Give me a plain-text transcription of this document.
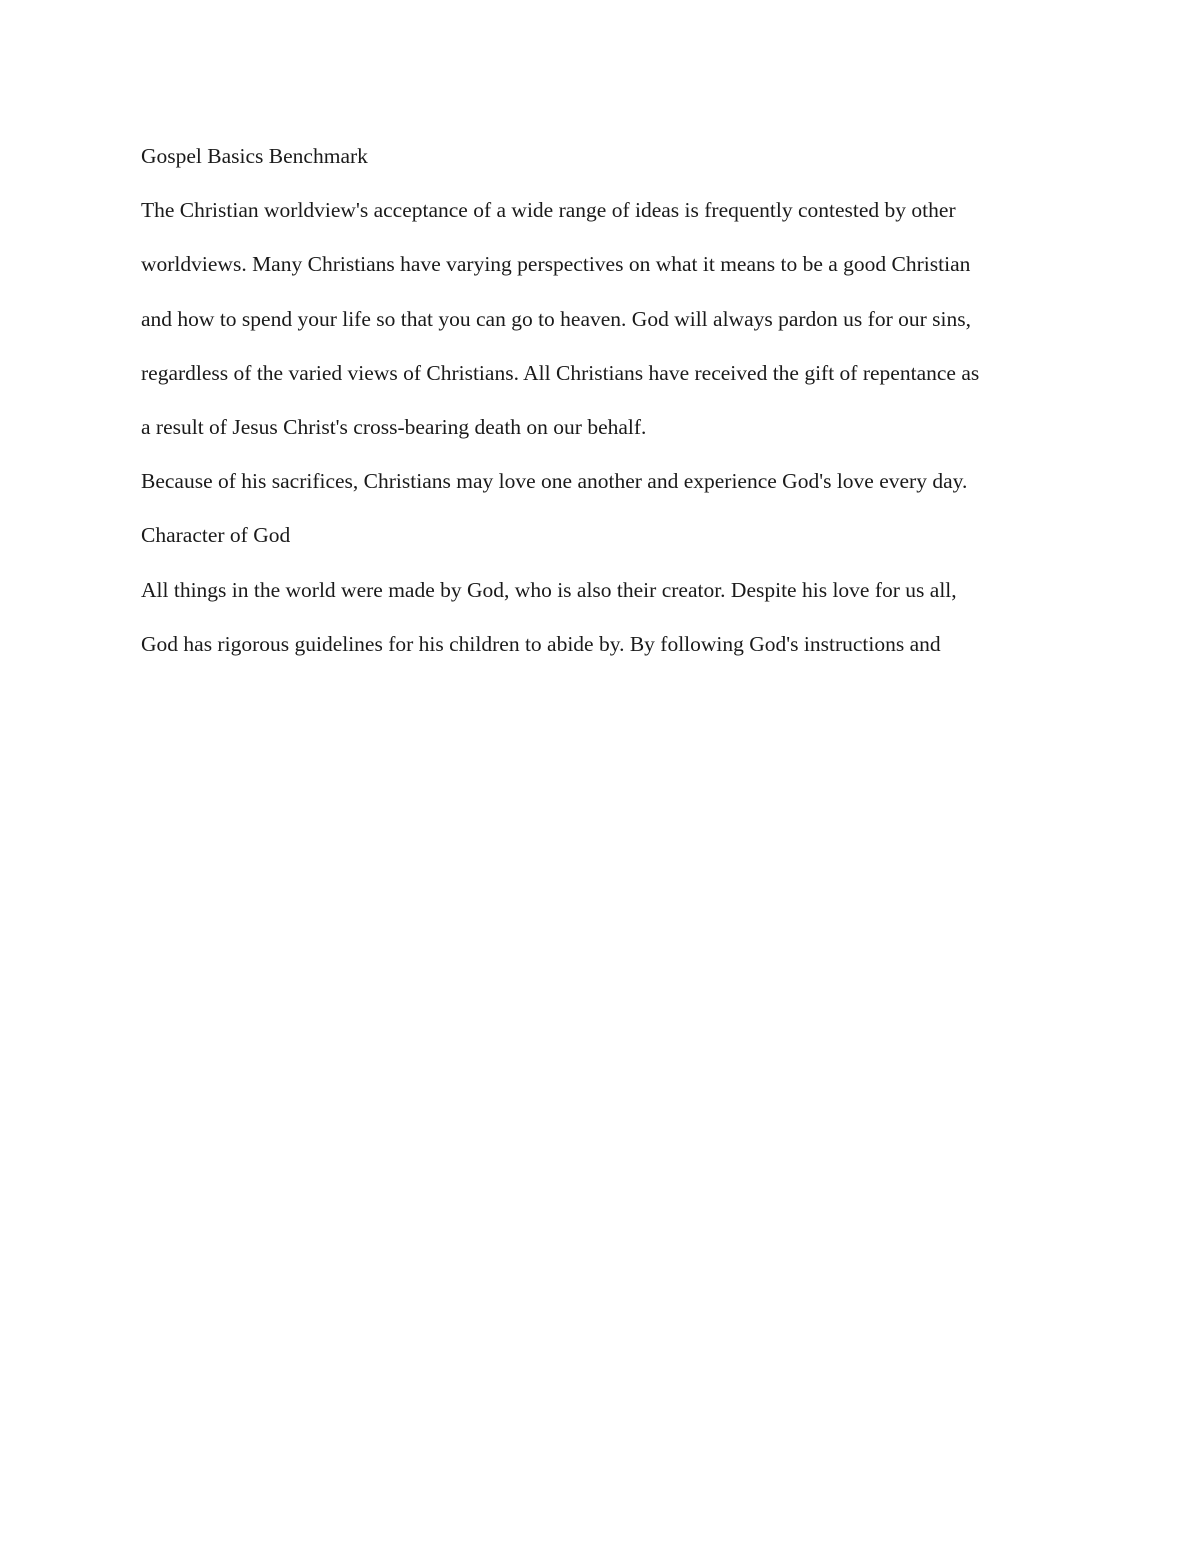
Gospel Basics Benchmark
The Christian worldview's acceptance of a wide range of ideas is frequently contested by other
worldviews. Many Christians have varying perspectives on what it means to be a good Christian
and how to spend your life so that you can go to heaven. God will always pardon us for our sins,
regardless of the varied views of Christians. All Christians have received the gift of repentance as
a result of Jesus Christ's cross-bearing death on our behalf.
Because of his sacrifices, Christians may love one another and experience God's love every day.
Character of God
All things in the world were made by God, who is also their creator. Despite his love for us all,
God has rigorous guidelines for his children to abide by. By following God's instructions and
